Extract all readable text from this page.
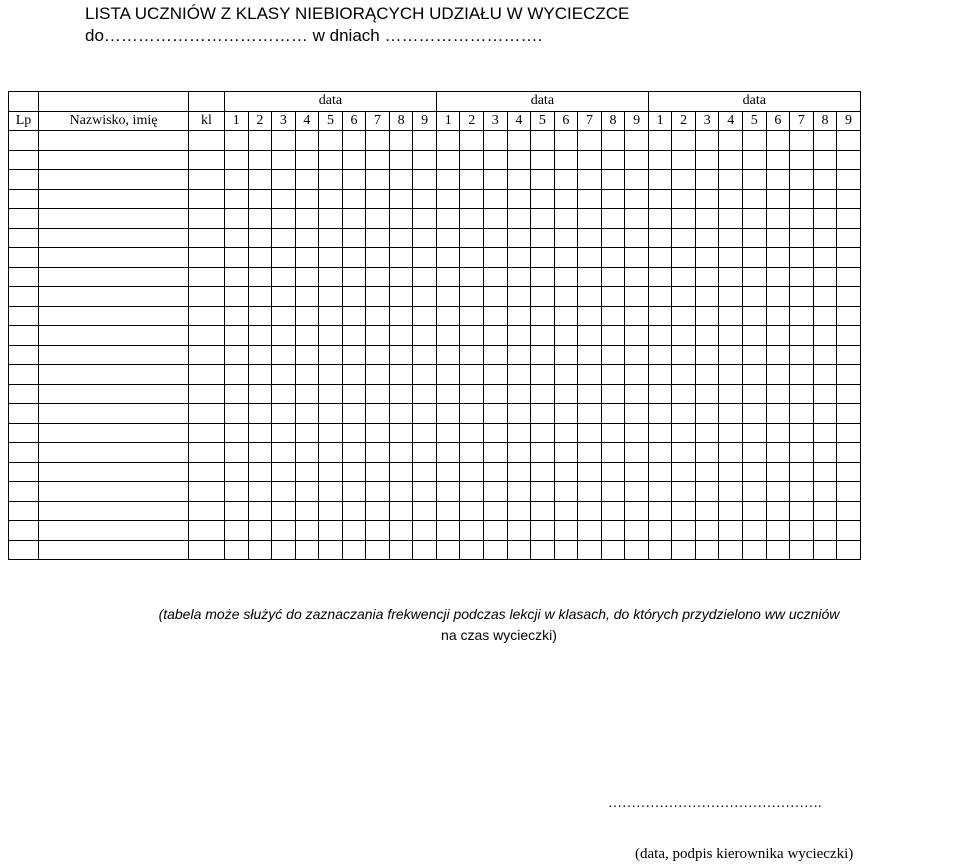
LISTA UCZNIÓW Z KLASY NIEBIORĄCYCH UDZIAŁU W WYCIECZCE
do……………………………… w dniach ……………………….
			data									data									data								
Lp	Nazwisko, imię	kl	1	2	3	4	5	6	7	8	9	1	2	3	4	5	6	7	8	9	1	2	3	4	5	6	7	8	9

(tabela może służyć do zaznaczania frekwencji podczas lekcji w klasach, do których przydzielono ww uczniów
na czas wycieczki)
……………………………………….
(data, podpis kierownika wycieczki)
